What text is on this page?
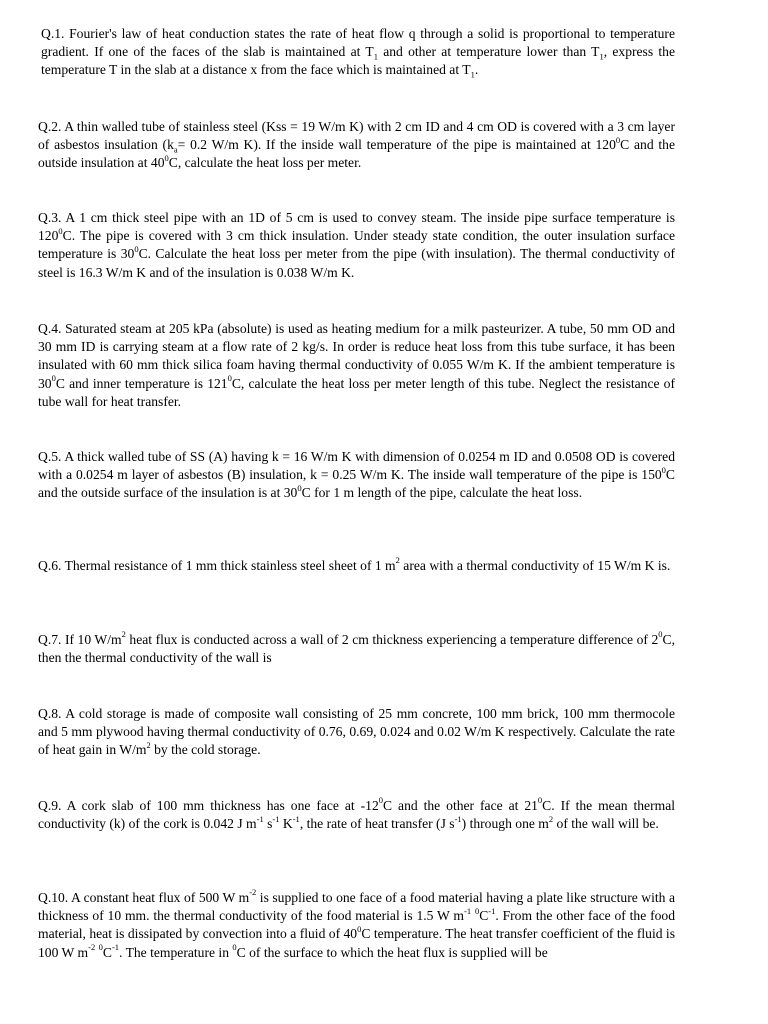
Q.1. Fourier's law of heat conduction states the rate of heat flow q through a solid is proportional to temperature gradient. If one of the faces of the slab is maintained at $T_1$ and other at temperature lower than $T_1$, express the temperature T in the slab at a distance x from the face which is maintained at $T_1$.

Q.2. A thin walled tube of stainless steel (Kss = 19 W/m K) with 2 cm ID and 4 cm OD is covered with a 3 cm layer of asbestos insulation ($k_a= 0.2$ W/m K). If the inside wall temperature of the pipe is maintained at $120^0C$ and the outside insulation at $40^0C$, calculate the heat loss per meter.

Q.3. A 1 cm thick steel pipe with an 1D of 5 cm is used to convey steam. The inside pipe surface temperature is $120^0C$. The pipe is covered with 3 cm thick insulation. Under steady state condition, the outer insulation surface temperature is $30^0C$. Calculate the heat loss per meter from the pipe (with insulation). The thermal conductivity of steel is 16.3 W/m K and of the insulation is 0.038 W/m K.

Q.4. Saturated steam at 205 kPa (absolute) is used as heating medium for a milk pasteurizer. A tube, 50 mm OD and 30 mm ID is carrying steam at a flow rate of 2 kg/s. In order is reduce heat loss from this tube surface, it has been insulated with 60 mm thick silica foam having thermal conductivity of 0.055 W/m K. If the ambient temperature is $30^0C$ and inner temperature is $121^0C$, calculate the heat loss per meter length of this tube. Neglect the resistance of tube wall for heat transfer.

Q.5. A thick walled tube of SS (A) having k = 16 W/m K with dimension of 0.0254 m ID and 0.0508 OD is covered with a 0.0254 m layer of asbestos (B) insulation, k = 0.25 W/m K. The inside wall temperature of the pipe is $150^0C$ and the outside surface of the insulation is at $30^0C$ for 1 m length of the pipe, calculate the heat loss.

Q.6. Thermal resistance of 1 mm thick stainless steel sheet of 1 $m^2$ area with a thermal conductivity of 15 W/m K is.

Q.7. If 10 $W/m^2$ heat flux is conducted across a wall of 2 cm thickness experiencing a temperature difference of $2^0C$, then the thermal conductivity of the wall is

Q.8. A cold storage is made of composite wall consisting of 25 mm concrete, 100 mm brick, 100 mm thermocole and 5 mm plywood having thermal conductivity of 0.76, 0.69, 0.024 and 0.02 W/m K respectively. Calculate the rate of heat gain in $W/m^2$ by the cold storage.

Q.9. A cork slab of 100 mm thickness has one face at $-12^0C$ and the other face at $21^0C$. If the mean thermal conductivity (k) of the cork is 0.042 J $m^{-1}$ $s^{-1}$ $K^{-1}$, the rate of heat transfer (J $s^{-1}$) through one $m^2$ of the wall will be.

Q.10. A constant heat flux of 500 W $m^{-2}$ is supplied to one face of a food material having a plate like structure with a thickness of 10 mm. the thermal conductivity of the food material is 1.5 W $m^{-1}$ $^0C^{-1}$. From the other face of the food material, heat is dissipated by convection into a fluid of $40^0C$ temperature. The heat transfer coefficient of the fluid is 100 W $m^{-2}$ $^0C^{-1}$. The temperature in $^0$C of the surface to which the heat flux is supplied will be
